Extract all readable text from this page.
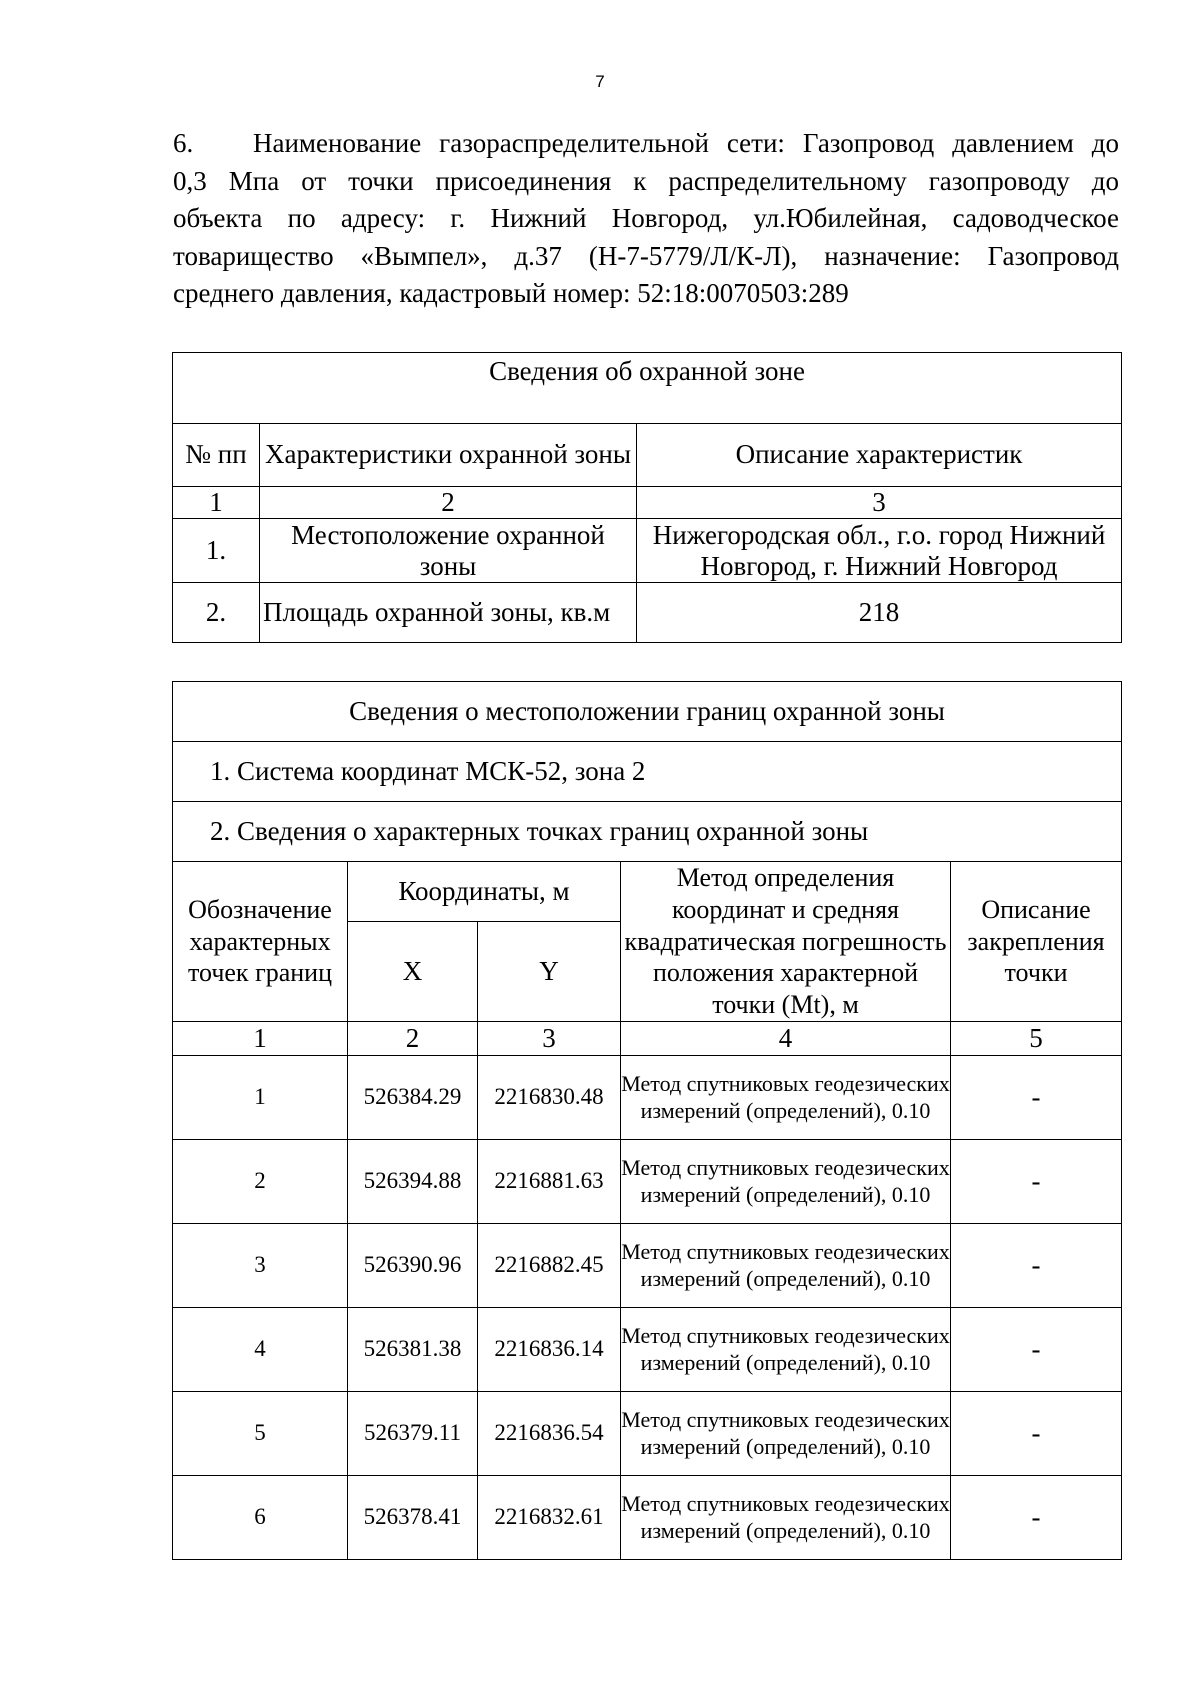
7
6. Наименование газораспределительной сети: Газопровод давлением до
0,3 Мпа от точки присоединения к распределительному газопроводу до
объекта по адресу: г. Нижний Новгород, ул.Юбилейная, садоводческое
товарищество «Вымпел», д.37 (Н-7-5779/Л/К-Л), назначение: Газопровод
среднего давления, кадастровый номер: 52:18:0070503:289
Сведения об охранной зоне		
№ пп	Характеристики охранной зоны	Описание характеристик
1	2	3
1.	Местоположение охранной зоны	Нижегородская обл., г.о. город Нижний Новгород, г. Нижний Новгород
2.	Площадь охранной зоны, кв.м	218
Сведения о местоположении границ охранной зоны				
1. Система координат МСК-52, зона 2				
2. Сведения о характерных точках границ охранной зоны				
Обозначение характерных точек границ	Координаты, м		Метод определения координат и средняя квадратическая погрешность положения характерной точки (Mt), м	Описание закрепления точки
	X	Y		
1	2	3	4	5
1	526384.29	2216830.48	Метод спутниковых геодезических измерений (определений), 0.10	-
2	526394.88	2216881.63	Метод спутниковых геодезических измерений (определений), 0.10	-
3	526390.96	2216882.45	Метод спутниковых геодезических измерений (определений), 0.10	-
4	526381.38	2216836.14	Метод спутниковых геодезических измерений (определений), 0.10	-
5	526379.11	2216836.54	Метод спутниковых геодезических измерений (определений), 0.10	-
6	526378.41	2216832.61	Метод спутниковых геодезических измерений (определений), 0.10	-
